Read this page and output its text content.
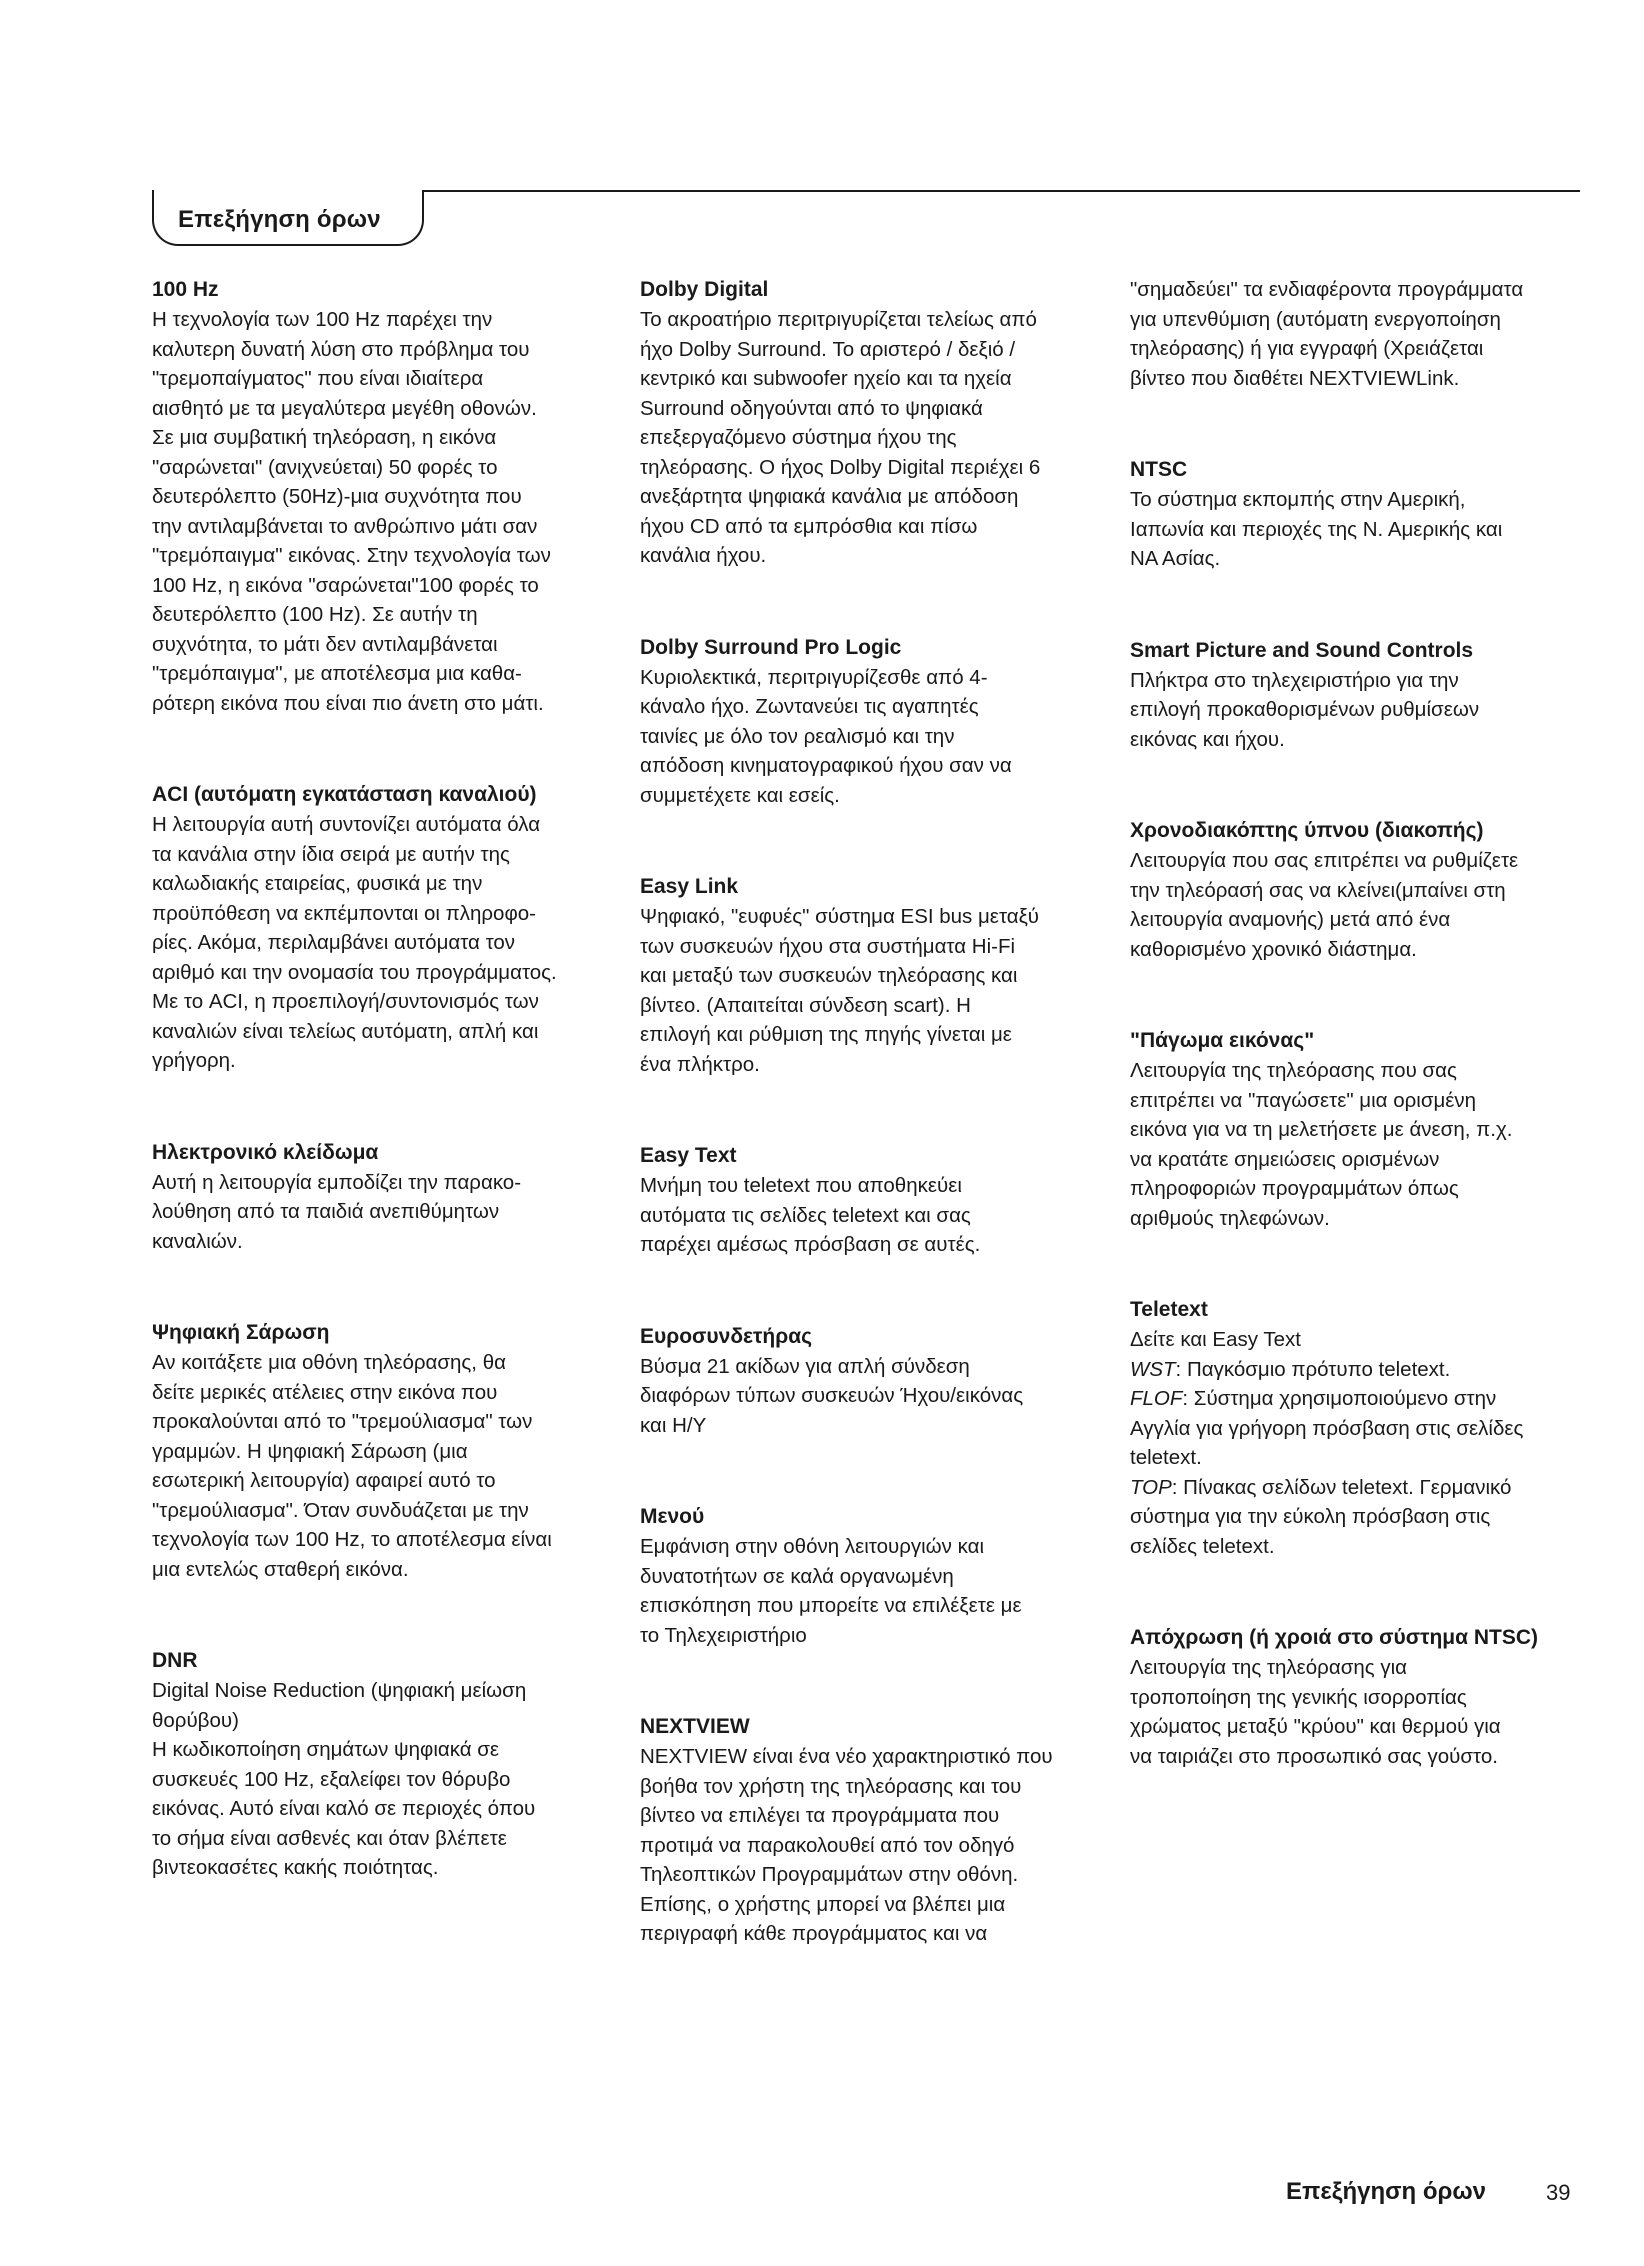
Επεξήγηση όρων
100 Hz

Η τεχνολογία των 100 Hz παρέχει την
καλυτερη δυνατή λύση στο πρόβλημα του
"τρεμοπαίγματος" που είναι ιδιαίτερα
αισθητό με τα μεγαλύτερα μεγέθη οθονών.
Σε μια συμβατική τηλεόραση, η εικόνα
"σαρώνεται" (ανιχνεύεται) 50 φορές το
δευτερόλεπτο (50Hz)-μια συχνότητα που
την αντιλαμβάνεται το ανθρώπινο μάτι σαν
"τρεμόπαιγμα" εικόνας. Στην τεχνολογία των
100 Hz, η εικόνα "σαρώνεται"100 φορές το
δευτερόλεπτο (100 Hz). Σε αυτήν τη
συχνότητα, το μάτι δεν αντιλαμβάνεται
"τρεμόπαιγμα", με αποτέλεσμα μια καθα-
ρότερη εικόνα που είναι πιο άνετη στο μάτι.

ACI (αυτόματη εγκατάσταση καναλιού)

Η λειτουργία αυτή συντονίζει αυτόματα όλα
τα κανάλια στην ίδια σειρά με αυτήν της
καλωδιακής εταιρείας, φυσικά με την
προϋπόθεση να εκπέμπονται οι πληροφο-
ρίες. Ακόμα, περιλαμβάνει αυτόματα τον
αριθμό και την ονομασία του προγράμματος.
Με το ACI, η προεπιλογή/συντονισμός των
καναλιών είναι τελείως αυτόματη, απλή και
γρήγορη.

Ηλεκτρονικό κλείδωμα

Αυτή η λειτουργία εμποδίζει την παρακο-
λούθηση από τα παιδιά ανεπιθύμητων
καναλιών.

Ψηφιακή Σάρωση

Αν κοιτάξετε μια οθόνη τηλεόρασης, θα
δείτε μερικές ατέλειες στην εικόνα που
προκαλούνται από το "τρεμούλιασμα" των
γραμμών. Η ψηφιακή Σάρωση (μια
εσωτερική λειτουργία) αφαιρεί αυτό το
"τρεμούλιασμα". Όταν συνδυάζεται με την
τεχνολογία των 100 Hz, το αποτέλεσμα είναι
μια εντελώς σταθερή εικόνα.

DNR

Digital Noise Reduction (ψηφιακή μείωση
θορύβου)
Η κωδικοποίηση σημάτων ψηφιακά σε
συσκευές 100 Hz, εξαλείφει τον θόρυβο
εικόνας. Αυτό είναι καλό σε περιοχές όπου
το σήμα είναι ασθενές και όταν βλέπετε
βιντεοκασέτες κακής ποιότητας.

Dolby Digital

Το ακροατήριο περιτριγυρίζεται τελείως από
ήχο Dolby Surround. Το αριστερό / δεξιό /
κεντρικό και subwoofer ηχείο και τα ηχεία
Surround οδηγούνται από το ψηφιακά
επεξεργαζόμενο σύστημα ήχου της
τηλεόρασης. Ο ήχος Dolby Digital περιέχει 6
ανεξάρτητα ψηφιακά κανάλια με απόδοση
ήχου CD από τα εμπρόσθια και πίσω
κανάλια ήχου.

Dolby Surround Pro Logic

Κυριολεκτικά, περιτριγυρίζεσθε από 4-
κάναλο ήχο. Ζωντανεύει τις αγαπητές
ταινίες με όλο τον ρεαλισμό και την
απόδοση κινηματογραφικού ήχου σαν να
συμμετέχετε και εσείς.

Easy Link

Ψηφιακό, "ευφυές" σύστημα ESI bus μεταξύ
των συσκευών ήχου στα συστήματα Hi-Fi
και μεταξύ των συσκευών τηλεόρασης και
βίντεο. (Απαιτείται σύνδεση scart). Η
επιλογή και ρύθμιση της πηγής γίνεται με
ένα πλήκτρο.

Easy Text

Μνήμη του teletext που αποθηκεύει
αυτόματα τις σελίδες teletext και σας
παρέχει αμέσως πρόσβαση σε αυτές.

Ευροσυνδετήρας

Βύσμα 21 ακίδων για απλή σύνδεση
διαφόρων τύπων συσκευών Ήχου/εικόνας
και Η/Υ

Μενού

Εμφάνιση στην οθόνη λειτουργιών και
δυνατοτήτων σε καλά οργανωμένη
επισκόπηση που μπορείτε να επιλέξετε με
το Τηλεχειριστήριο

NEXTVIEW

NEXTVIEW είναι ένα νέο χαρακτηριστικό που
βοήθα τον χρήστη της τηλεόρασης και του
βίντεο να επιλέγει τα προγράμματα που
προτιμά να παρακολουθεί από τον οδηγό
Τηλεοπτικών Προγραμμάτων στην οθόνη.
Επίσης, ο χρήστης μπορεί να βλέπει μια
περιγραφή κάθε προγράμματος και να

"σημαδεύει" τα ενδιαφέροντα προγράμματα
για υπενθύμιση (αυτόματη ενεργοποίηση
τηλεόρασης) ή για εγγραφή (Χρειάζεται
βίντεο που διαθέτει NEXTVIEWLink.

NTSC

Το σύστημα εκπομπής στην Αμερική,
Ιαπωνία και περιοχές της Ν. Αμερικής και
ΝΑ Ασίας.

Smart Picture and Sound Controls

Πλήκτρα στο τηλεχειριστήριο για την
επιλογή προκαθορισμένων ρυθμίσεων
εικόνας και ήχου.

Χρονοδιακόπτης ύπνου (διακοπής)

Λειτουργία που σας επιτρέπει να ρυθμίζετε
την τηλεόρασή σας να κλείνει(μπαίνει στη
λειτουργία αναμονής) μετά από ένα
καθορισμένο χρονικό διάστημα.

"Πάγωμα εικόνας"

Λειτουργία της τηλεόρασης που σας
επιτρέπει να "παγώσετε" μια ορισμένη
εικόνα για να τη μελετήσετε με άνεση, π.χ.
να κρατάτε σημειώσεις ορισμένων
πληροφοριών προγραμμάτων όπως
αριθμούς τηλεφώνων.

Teletext

Δείτε και Easy Text
WST: Παγκόσμιο πρότυπο teletext.
FLOF: Σύστημα χρησιμοποιούμενο στην
Αγγλία για γρήγορη πρόσβαση στις σελίδες
teletext.
TOP: Πίνακας σελίδων teletext. Γερμανικό
σύστημα για την εύκολη πρόσβαση στις
σελίδες teletext.

Απόχρωση (ή χροιά στο σύστημα NTSC)

Λειτουργία της τηλεόρασης για
τροποποίηση της γενικής ισορροπίας
χρώματος μεταξύ "κρύου" και θερμού για
να ταιριάζει στο προσωπικό σας γούστο.

Επεξήγηση όρων	39
